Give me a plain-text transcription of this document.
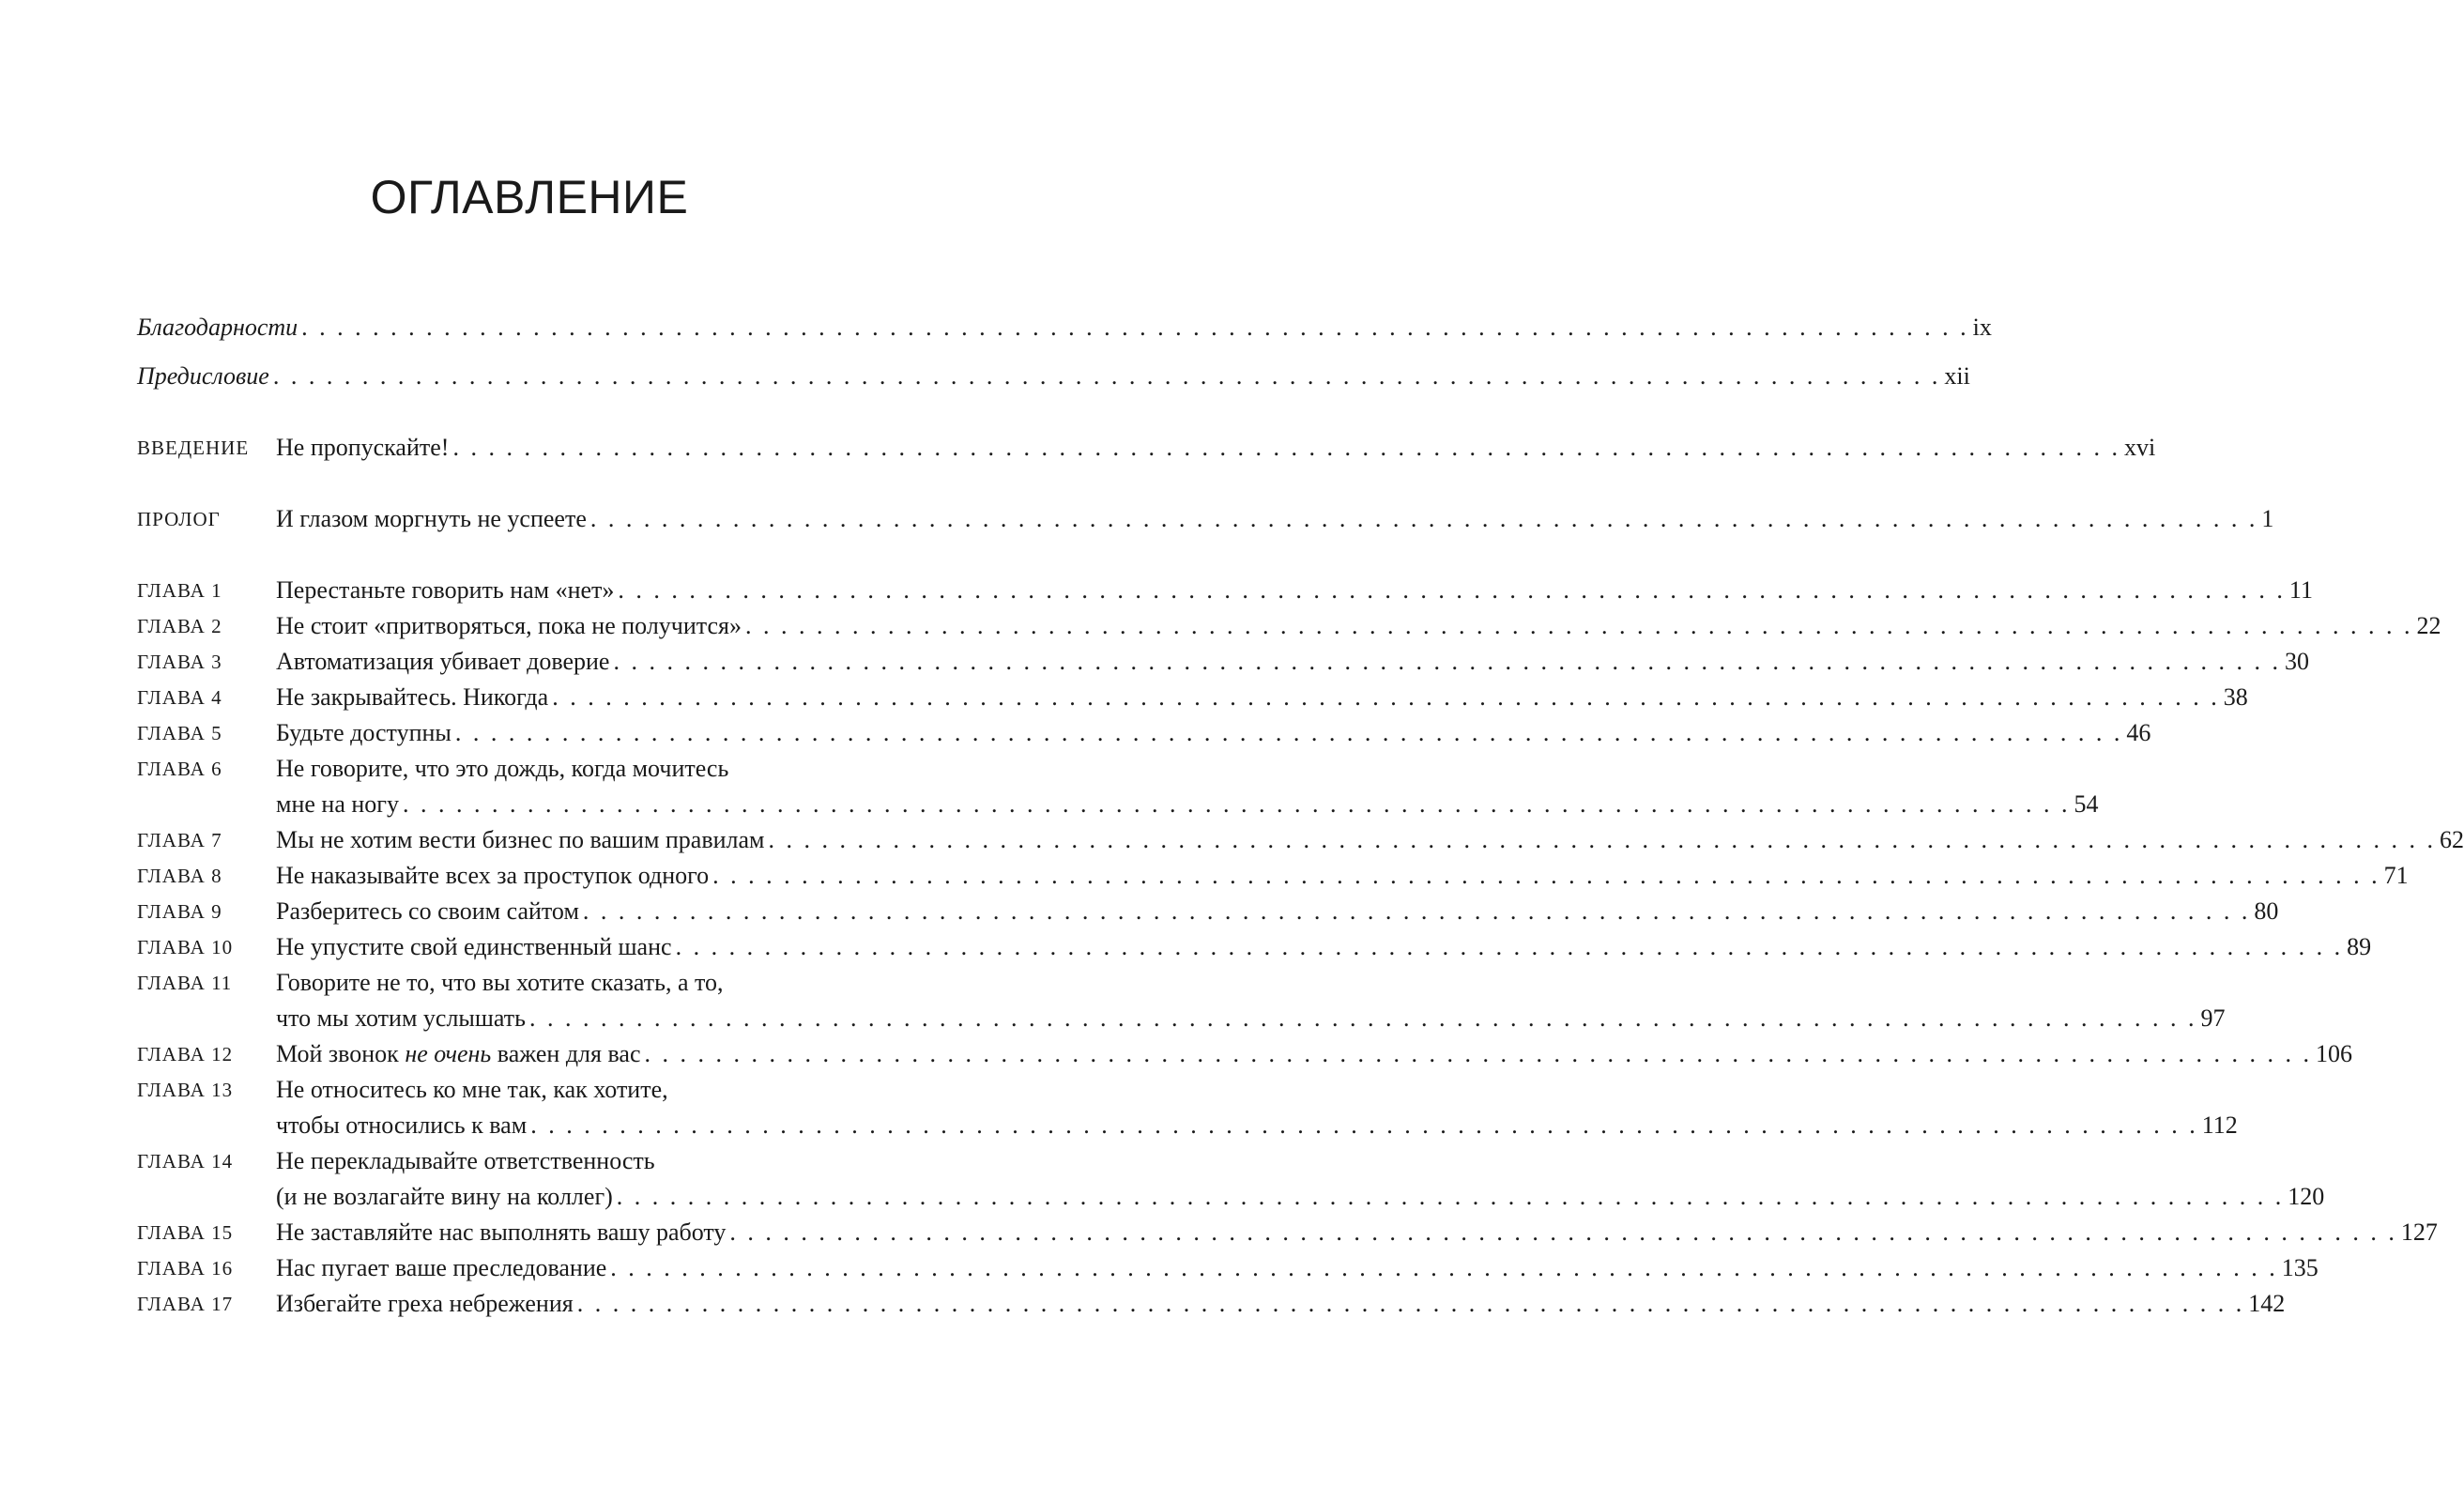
ОГЛАВЛЕНИЕ
Благодарности . . . . . . . . . . . . . . . . . . . . . . . . . . . . . . . . . . . . . . . . . . . . . . . . . . . . . . . . . . . . . . . . . . . . . . . . . . . . . . . . . . . . . . . . . . . . . . ix
Предисловие . . . . . . . . . . . . . . . . . . . . . . . . . . . . . . . . . . . . . . . . . . . . . . . . . . . . . . . . . . . . . . . . . . . . . . . . . . . . . . . . . . . . . . . . . . . . . . xii
ВВЕДЕНИЕ	Не пропускайте! . . . . . . . . . . . . . . . . . . . . . . . . . . . . . . . . . . . . . . . . . . . . . . . . . . . . . . . . . . . . . . . . . . . . . . . . . . . . . . . . . . . . . . . . . . . . . . xvi
ПРОЛОГ	И глазом моргнуть не успеете . . . . . . . . . . . . . . . . . . . . . . . . . . . . . . . . . . . . . . . . . . . . . . . . . . . . . . . . . . . . . . . . . . . . . . . . . . . . . . . . . . . . . . . . . . . . . . 1
ГЛАВА 1	Перестаньте говорить нам «нет» . . . . . . . . . . . . . . . . . . . . . . . . . . . . . . . . . . . . . . . . . . . . . . . . . . . . . . . . . . . . . . . . . . . . . . . . . . . . . . . . . . . . . . . . . . . . . . 11
ГЛАВА 2	Не стоит «притворяться, пока не получится» . . . . . . . . . . . . . . . . . . . . . . . . . . . . . . . . . . . . . . . . . . . . . . . . . . . . . . . . . . . . . . . . . . . . . . . . . . . . . . . . . . . . . . . . . . . . . . 22
ГЛАВА 3	Автоматизация убивает доверие . . . . . . . . . . . . . . . . . . . . . . . . . . . . . . . . . . . . . . . . . . . . . . . . . . . . . . . . . . . . . . . . . . . . . . . . . . . . . . . . . . . . . . . . . . . . . . 30
ГЛАВА 4	Не закрывайтесь. Никогда . . . . . . . . . . . . . . . . . . . . . . . . . . . . . . . . . . . . . . . . . . . . . . . . . . . . . . . . . . . . . . . . . . . . . . . . . . . . . . . . . . . . . . . . . . . . . . 38
ГЛАВА 5	Будьте доступны . . . . . . . . . . . . . . . . . . . . . . . . . . . . . . . . . . . . . . . . . . . . . . . . . . . . . . . . . . . . . . . . . . . . . . . . . . . . . . . . . . . . . . . . . . . . . . 46
ГЛАВА 6	Не говорите, что это дождь, когда мочитесь
мне на ногу . . . . . . . . . . . . . . . . . . . . . . . . . . . . . . . . . . . . . . . . . . . . . . . . . . . . . . . . . . . . . . . . . . . . . . . . . . . . . . . . . . . . . . . . . . . . . . 54
ГЛАВА 7	Мы не хотим вести бизнес по вашим правилам . . . . . . . . . . . . . . . . . . . . . . . . . . . . . . . . . . . . . . . . . . . . . . . . . . . . . . . . . . . . . . . . . . . . . . . . . . . . . . . . . . . . . . . . . . . . . . 62
ГЛАВА 8	Не наказывайте всех за проступок одного . . . . . . . . . . . . . . . . . . . . . . . . . . . . . . . . . . . . . . . . . . . . . . . . . . . . . . . . . . . . . . . . . . . . . . . . . . . . . . . . . . . . . . . . . . . . . . 71
ГЛАВА 9	Разберитесь со своим сайтом . . . . . . . . . . . . . . . . . . . . . . . . . . . . . . . . . . . . . . . . . . . . . . . . . . . . . . . . . . . . . . . . . . . . . . . . . . . . . . . . . . . . . . . . . . . . . . 80
ГЛАВА 10	Не упустите свой единственный шанс . . . . . . . . . . . . . . . . . . . . . . . . . . . . . . . . . . . . . . . . . . . . . . . . . . . . . . . . . . . . . . . . . . . . . . . . . . . . . . . . . . . . . . . . . . . . . . 89
ГЛАВА 11	Говорите не то, что вы хотите сказать, а то,
что мы хотим услышать . . . . . . . . . . . . . . . . . . . . . . . . . . . . . . . . . . . . . . . . . . . . . . . . . . . . . . . . . . . . . . . . . . . . . . . . . . . . . . . . . . . . . . . . . . . . . . 97
ГЛАВА 12	Мой звонок не очень важен для вас . . . . . . . . . . . . . . . . . . . . . . . . . . . . . . . . . . . . . . . . . . . . . . . . . . . . . . . . . . . . . . . . . . . . . . . . . . . . . . . . . . . . . . . . . . . . . . 106
ГЛАВА 13	Не относитесь ко мне так, как хотите,
чтобы относились к вам . . . . . . . . . . . . . . . . . . . . . . . . . . . . . . . . . . . . . . . . . . . . . . . . . . . . . . . . . . . . . . . . . . . . . . . . . . . . . . . . . . . . . . . . . . . . . . 112
ГЛАВА 14	Не перекладывайте ответственность
(и не возлагайте вину на коллег) . . . . . . . . . . . . . . . . . . . . . . . . . . . . . . . . . . . . . . . . . . . . . . . . . . . . . . . . . . . . . . . . . . . . . . . . . . . . . . . . . . . . . . . . . . . . . . 120
ГЛАВА 15	Не заставляйте нас выполнять вашу работу . . . . . . . . . . . . . . . . . . . . . . . . . . . . . . . . . . . . . . . . . . . . . . . . . . . . . . . . . . . . . . . . . . . . . . . . . . . . . . . . . . . . . . . . . . . . . . 127
ГЛАВА 16	Нас пугает ваше преследование . . . . . . . . . . . . . . . . . . . . . . . . . . . . . . . . . . . . . . . . . . . . . . . . . . . . . . . . . . . . . . . . . . . . . . . . . . . . . . . . . . . . . . . . . . . . . . 135
ГЛАВА 17	Избегайте греха небрежения . . . . . . . . . . . . . . . . . . . . . . . . . . . . . . . . . . . . . . . . . . . . . . . . . . . . . . . . . . . . . . . . . . . . . . . . . . . . . . . . . . . . . . . . . . . . . . 142
